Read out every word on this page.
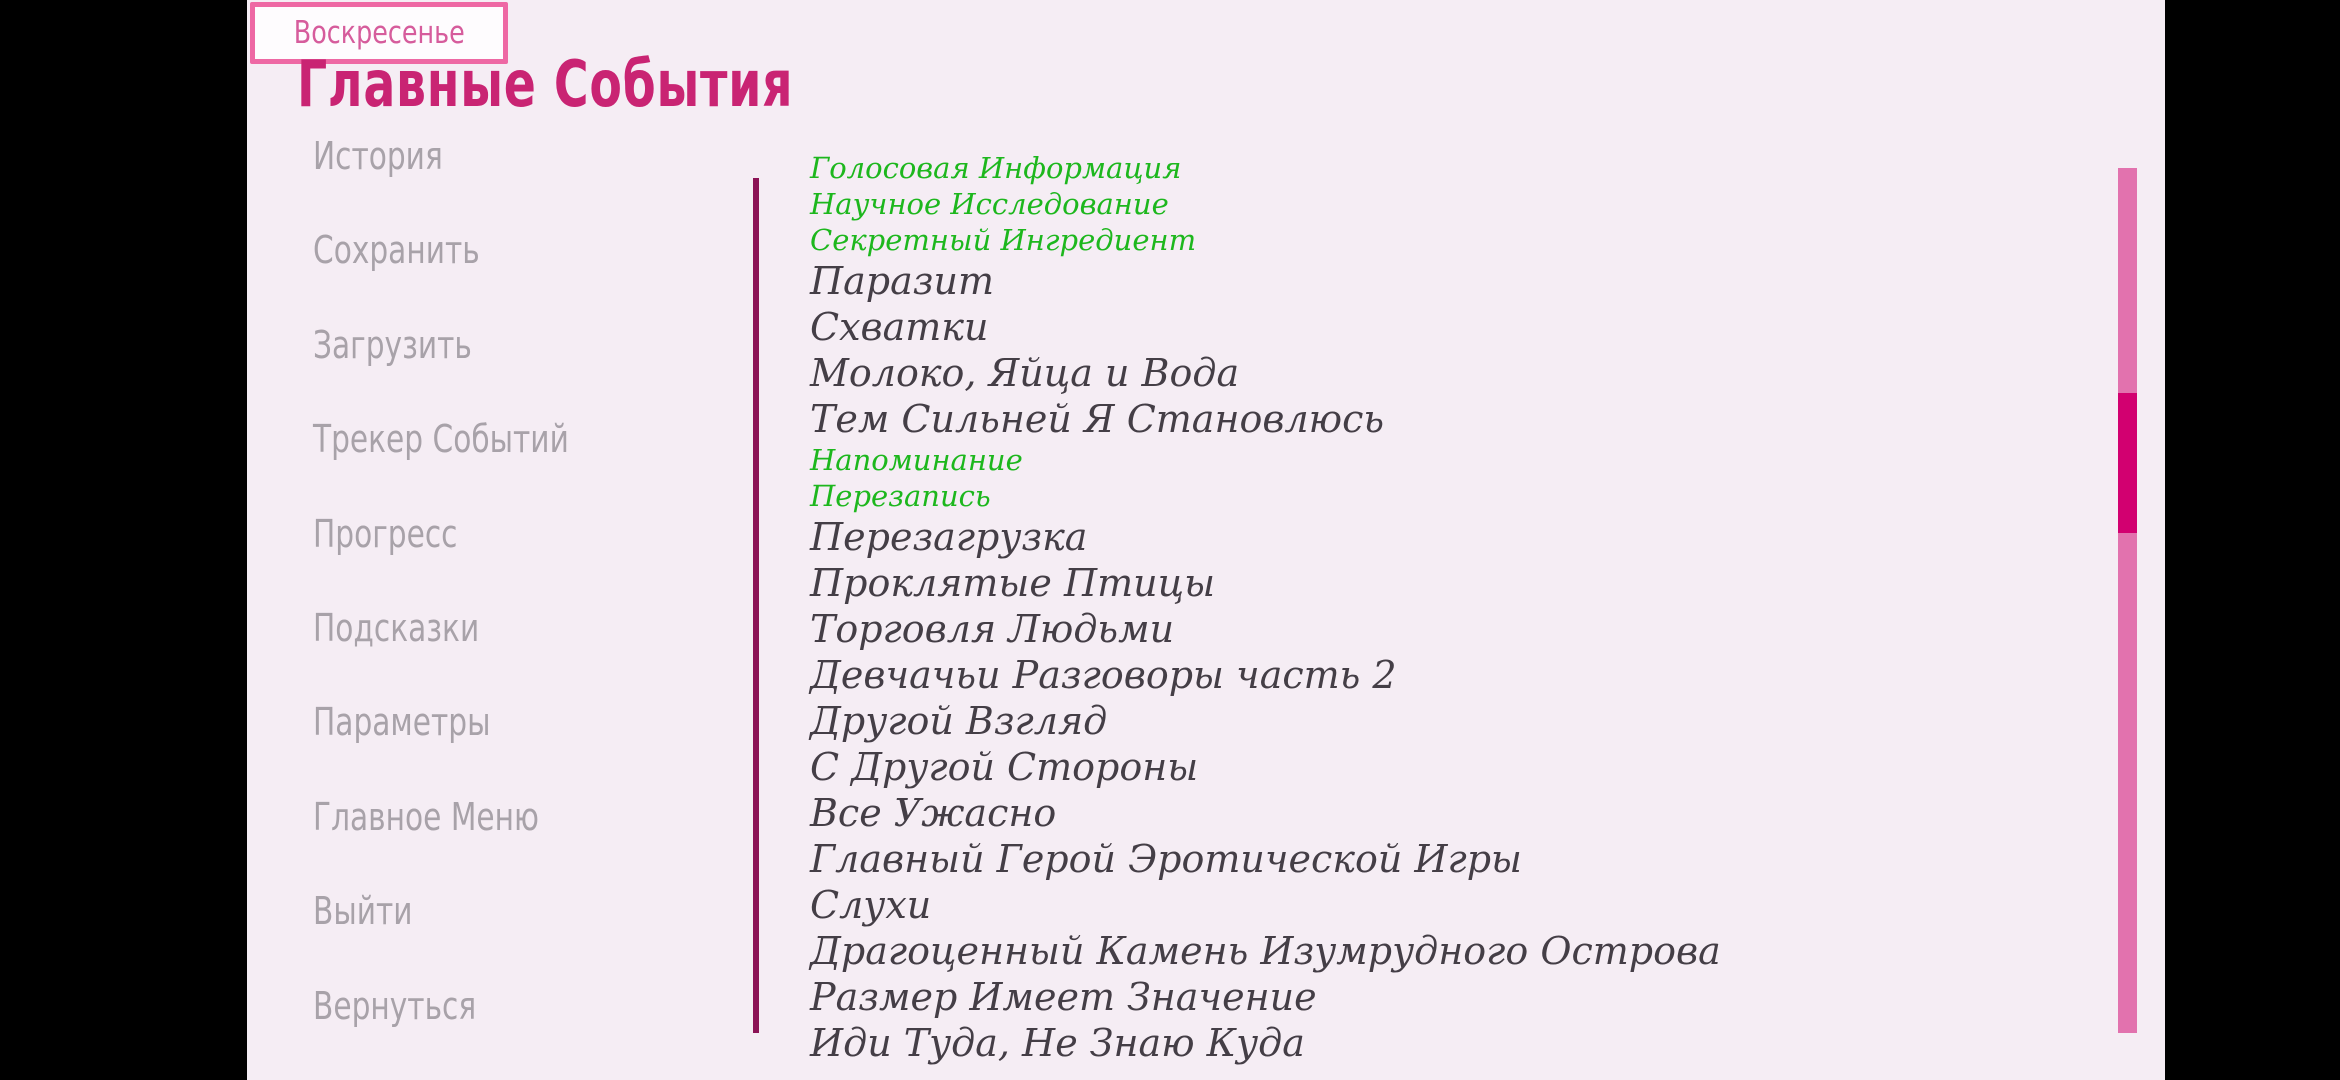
Воскресенье
Главные События
История
Сохранить
Загрузить
Трекер Событий
Прогресс
Подсказки
Параметры
Главное Меню
Выйти
Вернуться
Голосовая Информация
Научное Исследование
Секретный Ингредиент
Паразит
Схватки
Молоко, Яйца и Вода
Тем Сильней Я Становлюсь
Напоминание
Перезапись
Перезагрузка
Проклятые Птицы
Торговля Людьми
Девчачьи Разговоры часть 2
Другой Взгляд
С Другой Стороны
Все Ужасно
Главный Герой Эротической Игры
Слухи
Драгоценный Камень Изумрудного Острова
Размер Имеет Значение
Иди Туда, Не Знаю Куда
